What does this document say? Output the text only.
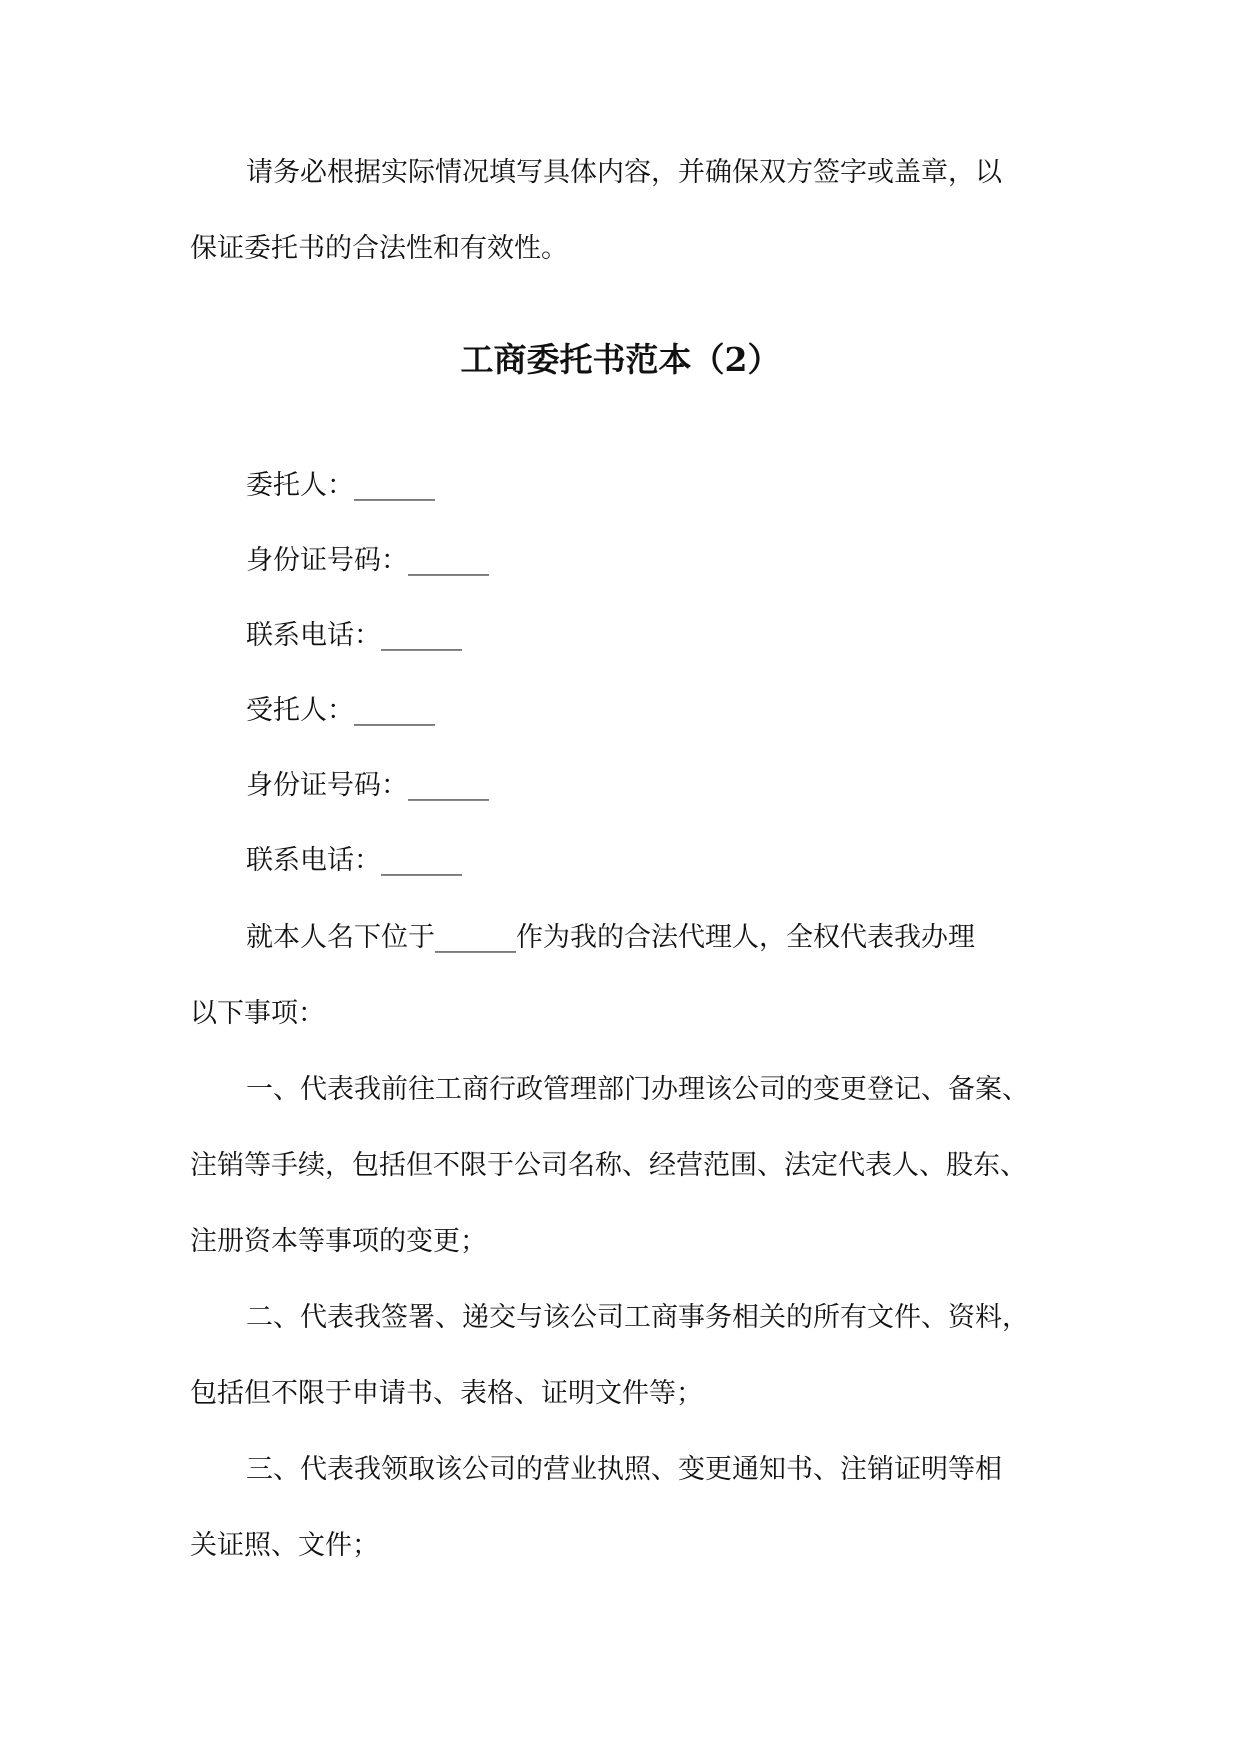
请务必根据实际情况填写具体内容，并确保双方签字或盖章，以
保证委托书的合法性和有效性。
工商委托书范本（2）
委托人：______
身份证号码：______
联系电话：______
受托人：______
身份证号码：______
联系电话：______
就本人名下位于______作为我的合法代理人，全权代表我办理
以下事项：
一、代表我前往工商行政管理部门办理该公司的变更登记、备案、
注销等手续，包括但不限于公司名称、经营范围、法定代表人、股东、
注册资本等事项的变更；
二、代表我签署、递交与该公司工商事务相关的所有文件、资料，
包括但不限于申请书、表格、证明文件等；
三、代表我领取该公司的营业执照、变更通知书、注销证明等相
关证照、文件；
